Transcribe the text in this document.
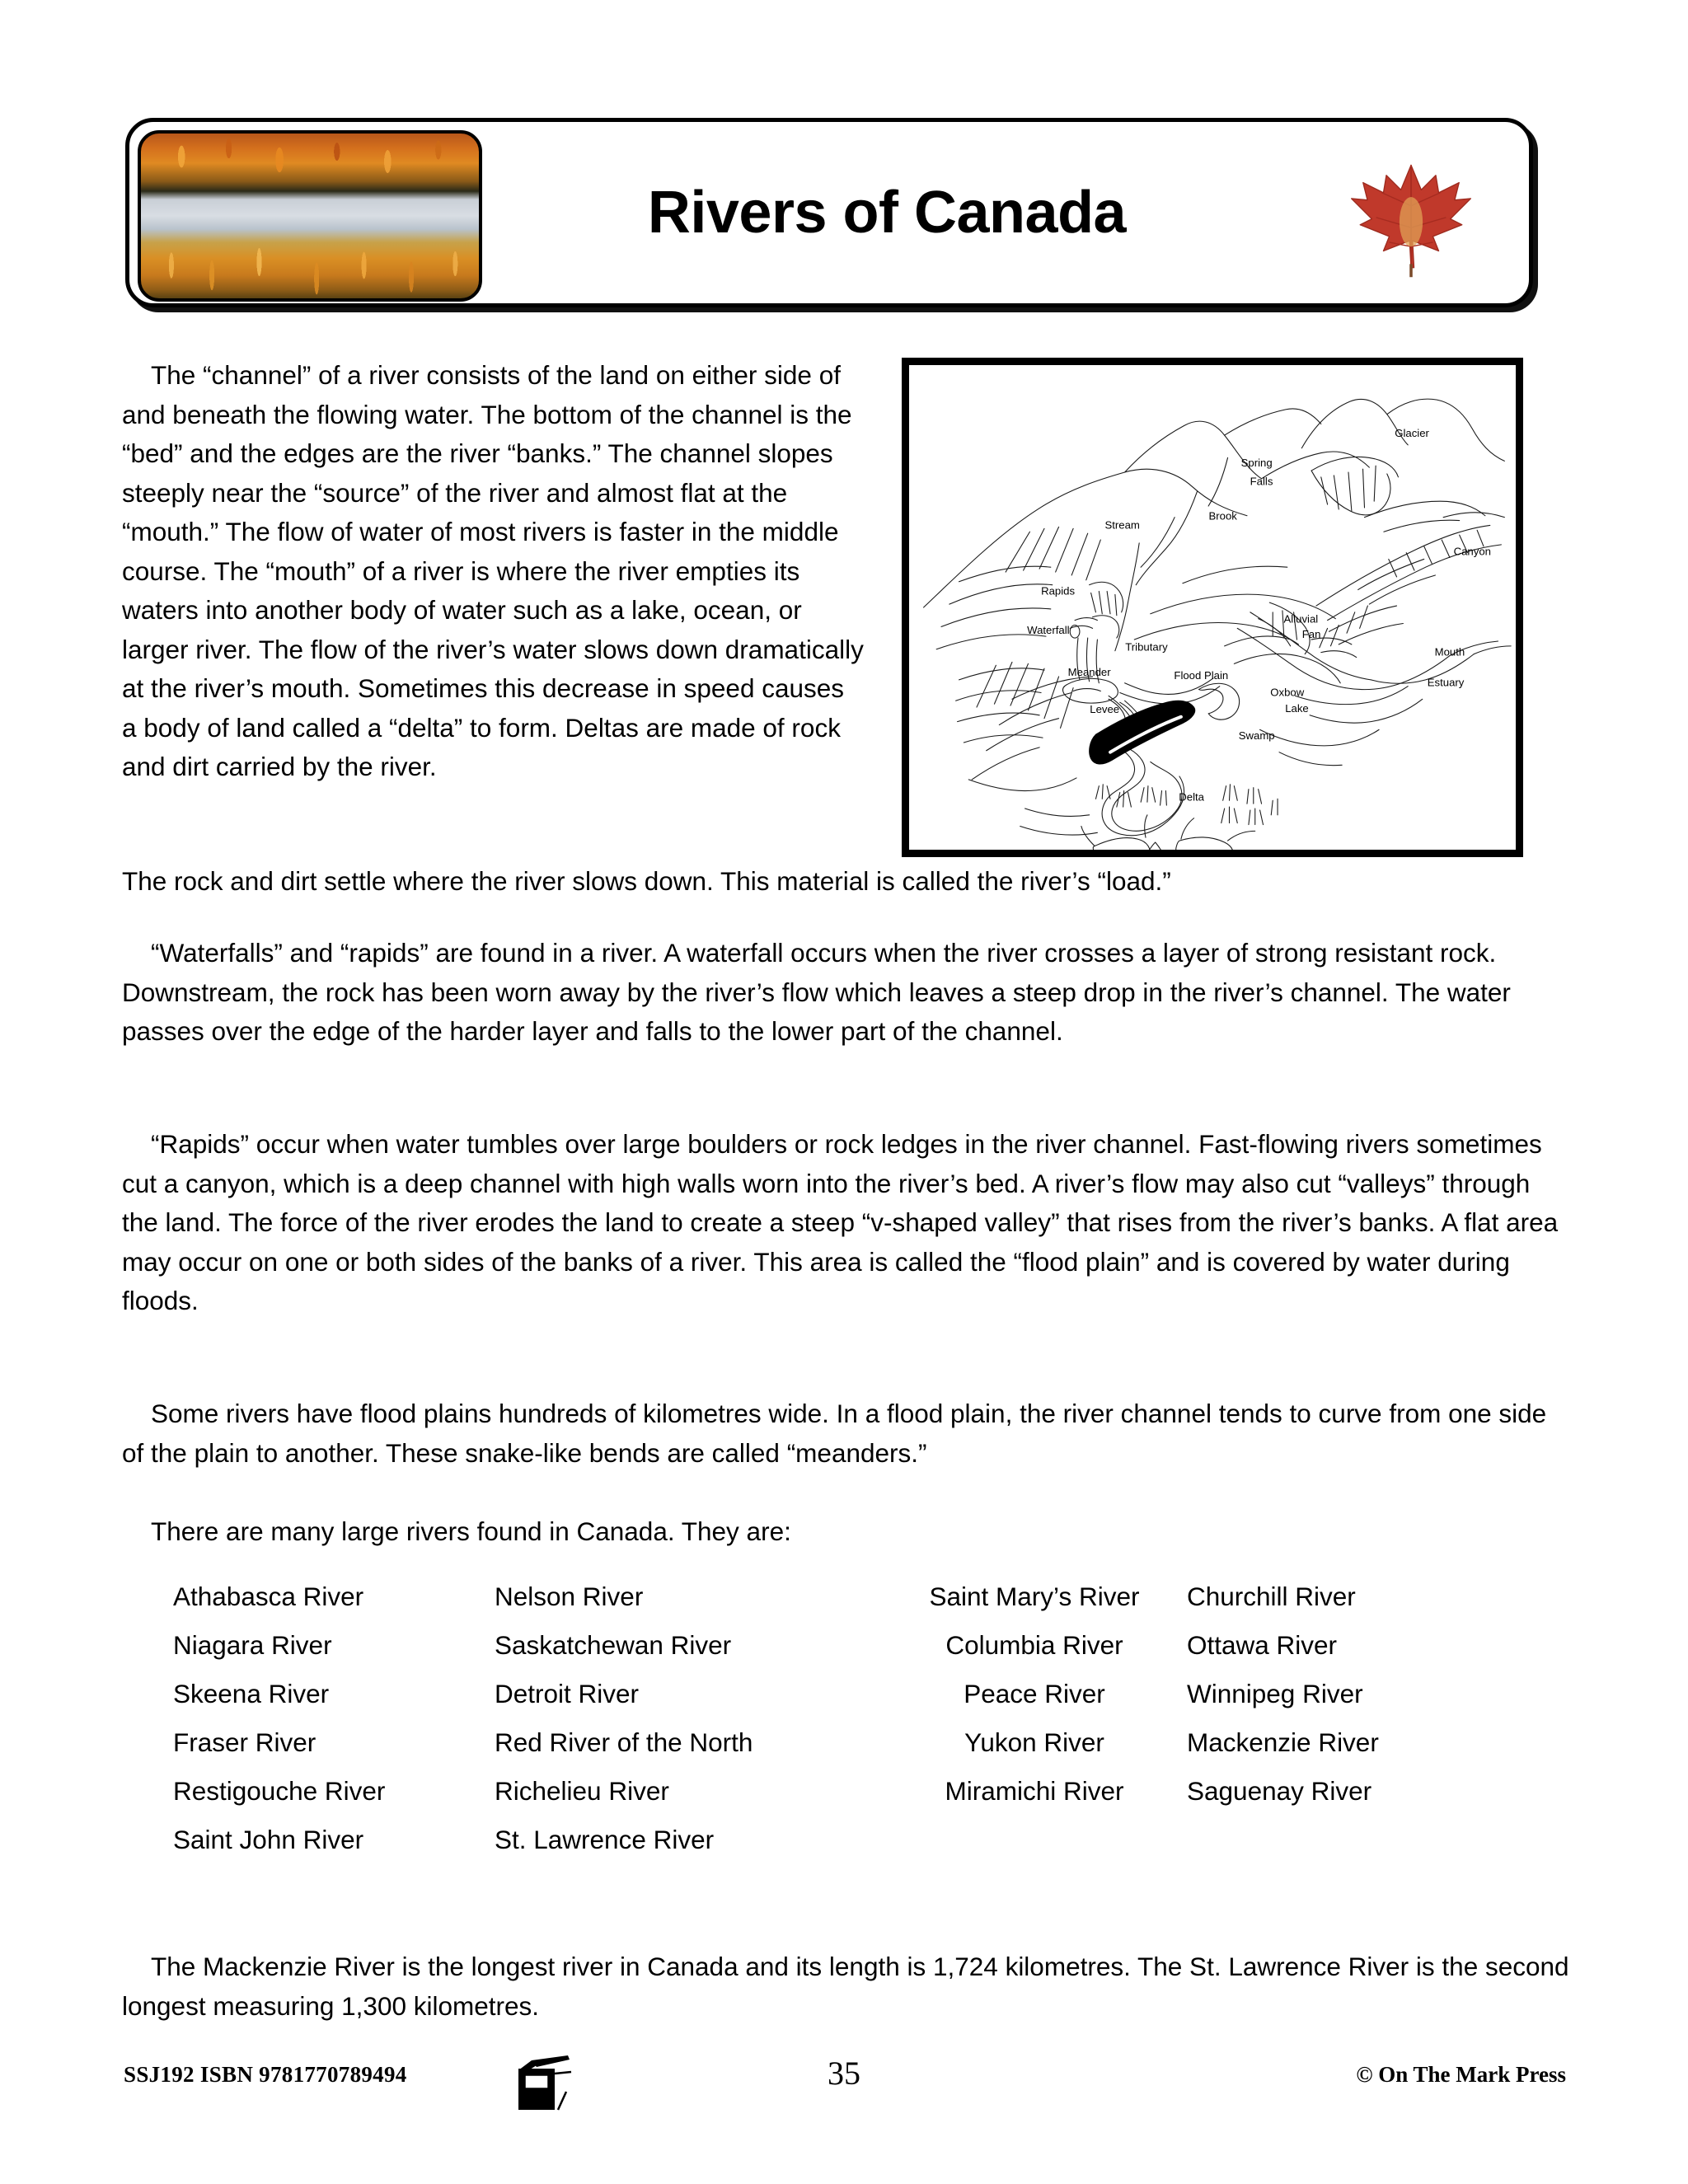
Rivers of Canada
The “channel” of a river consists of the land on either side of and beneath the flowing water. The bottom of the channel is the “bed” and the edges are the river “banks.” The channel slopes steeply near the “source” of the river and almost flat at the “mouth.” The flow of water of most rivers is faster in the middle course. The “mouth” of a river is where the river empties its waters into another body of water such as a lake, ocean, or larger river. The flow of the river’s water slows down dramatically at the river’s mouth. Sometimes this decrease in speed causes a body of land called a “delta” to form. Deltas are made of rock and dirt carried by the river.
The rock and dirt settle where the river slows down. This material is called the river’s “load.”
“Waterfalls” and “rapids” are found in a river. A waterfall occurs when the river crosses a layer of strong resistant rock. Downstream, the rock has been worn away by the river’s flow which leaves a steep drop in the river’s channel. The water passes over the edge of the harder layer and falls to the lower part of the channel.
“Rapids” occur when water tumbles over large boulders or rock ledges in the river channel. Fast-flowing rivers sometimes cut a canyon, which is a deep channel with high walls worn into the river’s bed. A river’s flow may also cut “valleys” through the land. The force of the river erodes the land to create a steep “v-shaped valley” that rises from the river’s banks. A flat area may occur on one or both sides of the banks of a river. This area is called the “flood plain” and is covered by water during floods.
Some rivers have flood plains hundreds of kilometres wide. In a flood plain, the river channel tends to curve from one side of the plain to another. These snake-like bends are called “meanders.”
There are many large rivers found in Canada. They are:
The Mackenzie River is the longest river in Canada and its length is 1,724 kilometres. The St. Lawrence River is the second longest measuring 1,300 kilometres.
Glacier
Spring
Falls
Brook
Stream
Canyon
Rapids
Waterfall
Tributary
Alluvial
Fan
Meander	Flood Plain
Oxbow
Lake
Levee
Swamp
Mouth
Estuary
Delta
Athabasca River	Nelson River	Saint Mary’s River	Churchill River
Niagara River	Saskatchewan River	Columbia River	Ottawa River
Skeena River	Detroit River	Peace River	Winnipeg River
Fraser River	Red River of the North	Yukon River	Mackenzie River
Restigouche River	Richelieu River	Miramichi River	Saguenay River
Saint John River	St. Lawrence River
SSJ192 ISBN 9781770789494	35	© On The Mark Press
